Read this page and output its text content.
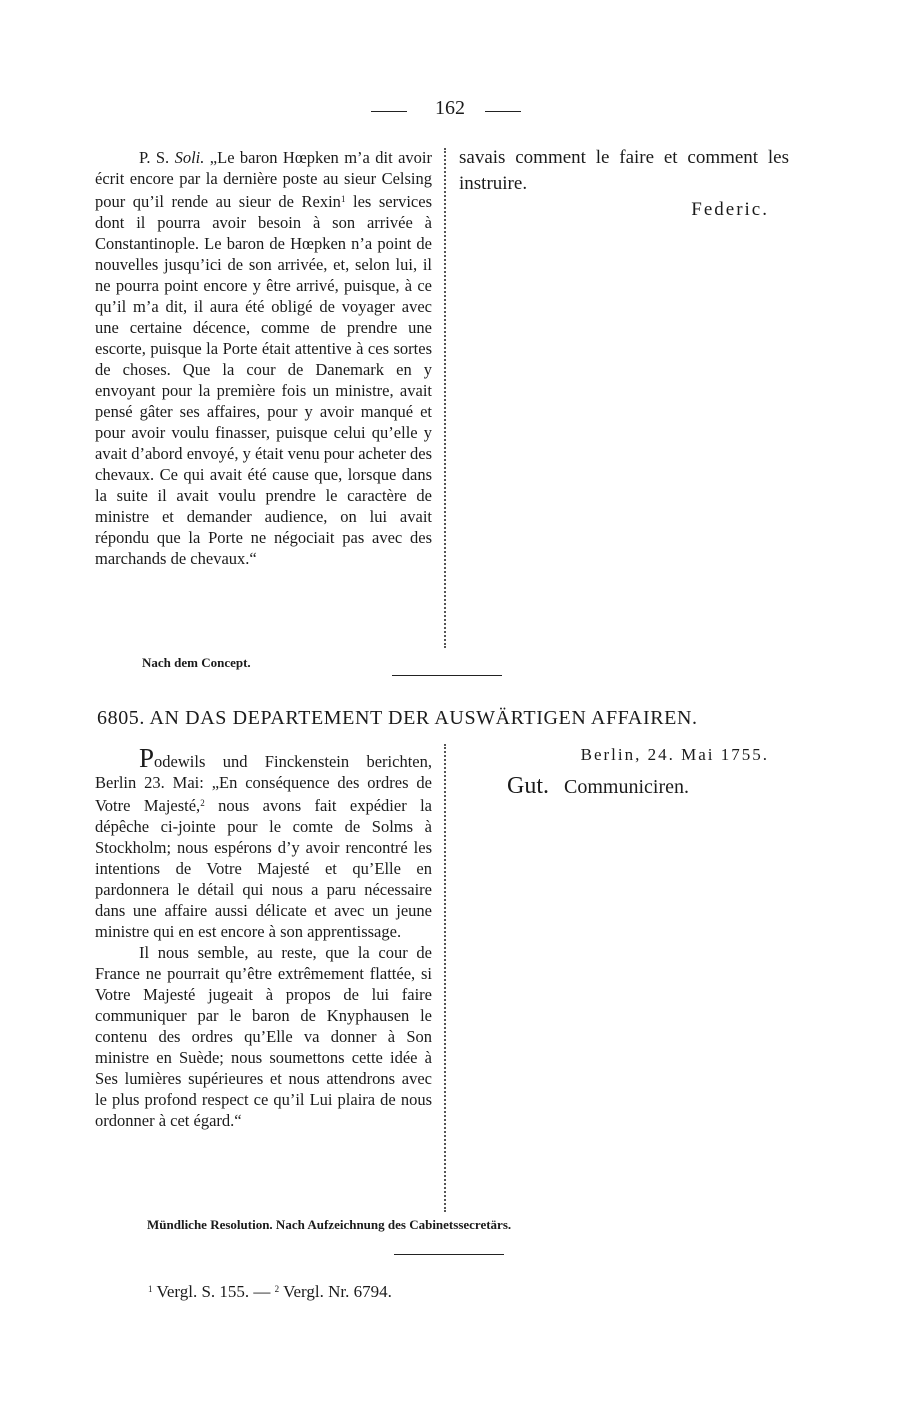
162

P. S. Soli. „Le baron Hœpken m’a dit avoir écrit encore par la dernière poste au sieur Celsing pour qu’il rende au sieur de Rexin$^1$ les services dont il pourra avoir besoin à son arrivée à Constantinople. Le baron de Hœpken n’a point de nouvelles jusqu’ici de son arrivée, et, selon lui, il ne pourra point encore y être arrivé, puisque, à ce qu’il m’a dit, il aura été obligé de voyager avec une certaine décence, comme de prendre une escorte, puisque la Porte était attentive à ces sortes de choses. Que la cour de Danemark en y envoyant pour la première fois un ministre, avait pensé gâter ses affaires, pour y avoir manqué et pour avoir voulu finasser, puisque celui qu’elle y avait d’abord envoyé, y était venu pour acheter des chevaux. Ce qui avait été cause que, lorsque dans la suite il avait voulu prendre le caractère de ministre et demander audience, on lui avait répondu que la Porte ne négociait pas avec des marchands de chevaux.“

savais comment le faire et comment les instruire.

Federic.

Nach dem Concept.
6805. AN DAS DEPARTEMENT DER AUSWÄRTIGEN AFFAIREN.

Podewils und Finckenstein berichten, Berlin 23. Mai: „En conséquence des ordres de Votre Majesté,$^2$ nous avons fait expédier la dépêche ci-jointe pour le comte de Solms à Stockholm; nous espérons d’y avoir rencontré les intentions de Votre Majesté et qu’Elle en pardonnera le détail qui nous a paru nécessaire dans une affaire aussi délicate et avec un jeune ministre qui en est encore à son apprentissage.

Il nous semble, au reste, que la cour de France ne pourrait qu’être extrêmement flattée, si Votre Majesté jugeait à propos de lui faire communiquer par le baron de Knyphausen le contenu des ordres qu’Elle va donner à Son ministre en Suède; nous soumettons cette idée à Ses lumières supérieures et nous attendrons avec le plus profond respect ce qu’il Lui plaira de nous ordonner à cet égard.“

Berlin, 24. Mai 1755.

Gut. Communiciren.

Mündliche Resolution. Nach Aufzeichnung des Cabinetssecretärs.
$^1$ Vergl. S. 155. — $^2$ Vergl. Nr. 6794.
